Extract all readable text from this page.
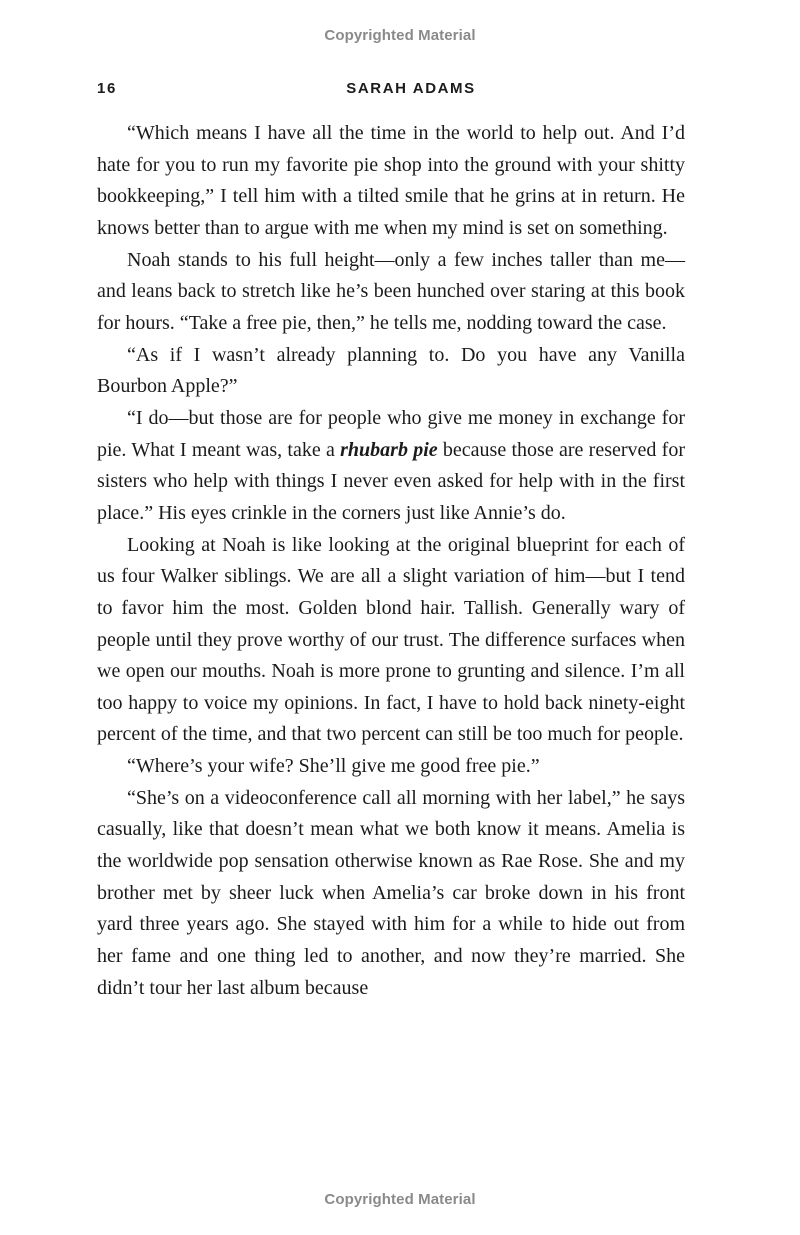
Copyrighted Material
16	SARAH ADAMS

“Which means I have all the time in the world to help out. And I’d hate for you to run my favorite pie shop into the ground with your shitty bookkeeping,” I tell him with a tilted smile that he grins at in return. He knows better than to argue with me when my mind is set on something.

Noah stands to his full height—only a few inches taller than me—and leans back to stretch like he’s been hunched over staring at this book for hours. “Take a free pie, then,” he tells me, nodding toward the case.

“As if I wasn’t already planning to. Do you have any Vanilla Bourbon Apple?”

“I do—but those are for people who give me money in exchange for pie. What I meant was, take a rhubarb pie because those are reserved for sisters who help with things I never even asked for help with in the first place.” His eyes crinkle in the corners just like Annie’s do.

Looking at Noah is like looking at the original blueprint for each of us four Walker siblings. We are all a slight variation of him—but I tend to favor him the most. Golden blond hair. Tallish. Generally wary of people until they prove worthy of our trust. The difference surfaces when we open our mouths. Noah is more prone to grunting and silence. I’m all too happy to voice my opinions. In fact, I have to hold back ninety-eight percent of the time, and that two percent can still be too much for people.

“Where’s your wife? She’ll give me good free pie.”

“She’s on a videoconference call all morning with her label,” he says casually, like that doesn’t mean what we both know it means. Amelia is the worldwide pop sensation otherwise known as Rae Rose. She and my brother met by sheer luck when Amelia’s car broke down in his front yard three years ago. She stayed with him for a while to hide out from her fame and one thing led to another, and now they’re married. She didn’t tour her last album because

Copyrighted Material
